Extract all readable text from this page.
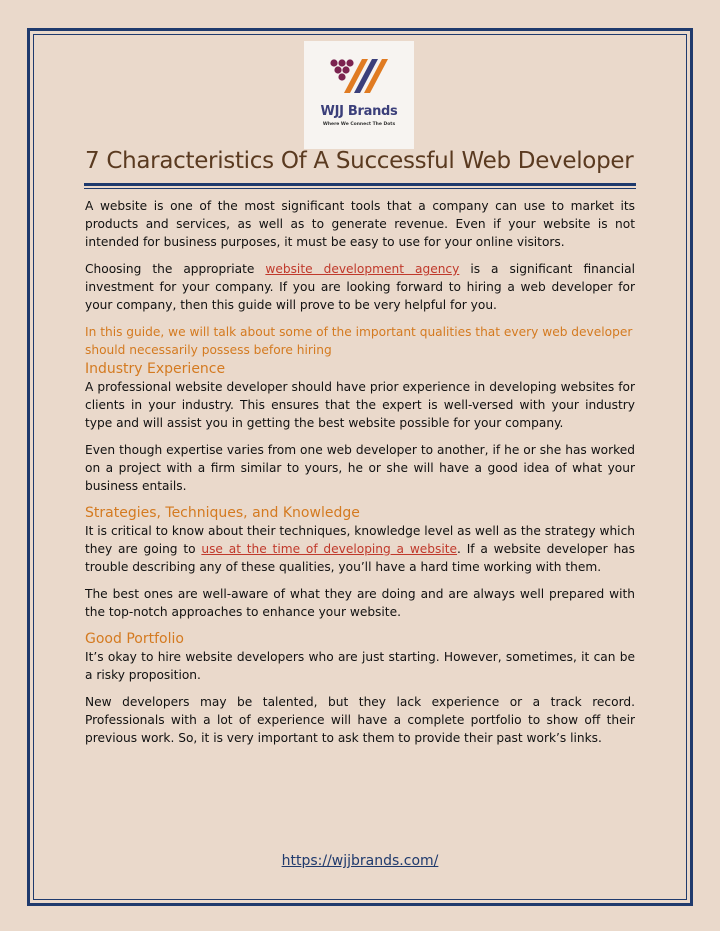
WJJ Brands
Where We Connect The Dots
7 Characteristics Of A Successful Web Developer

A website is one of the most significant tools that a company can use to market its products and services, as well as to generate revenue. Even if your website is not intended for business purposes, it must be easy to use for your online visitors.

Choosing the appropriate website development agency is a significant financial investment for your company. If you are looking forward to hiring a web developer for your company, then this guide will prove to be very helpful for you.

In this guide, we will talk about some of the important qualities that every web developer should necessarily possess before hiring

Industry Experience

A professional website developer should have prior experience in developing websites for clients in your industry. This ensures that the expert is well-versed with your industry type and will assist you in getting the best website possible for your company.

Even though expertise varies from one web developer to another, if he or she has worked on a project with a firm similar to yours, he or she will have a good idea of what your business entails.

Strategies, Techniques, and Knowledge

It is critical to know about their techniques, knowledge level as well as the strategy which they are going to use at the time of developing a website. If a website developer has trouble describing any of these qualities, you’ll have a hard time working with them.

The best ones are well-aware of what they are doing and are always well prepared with the top-notch approaches to enhance your website.

Good Portfolio

It’s okay to hire website developers who are just starting. However, sometimes, it can be a risky proposition.

New developers may be talented, but they lack experience or a track record. Professionals with a lot of experience will have a complete portfolio to show off their previous work. So, it is very important to ask them to provide their past work’s links.

https://wjjbrands.com/
